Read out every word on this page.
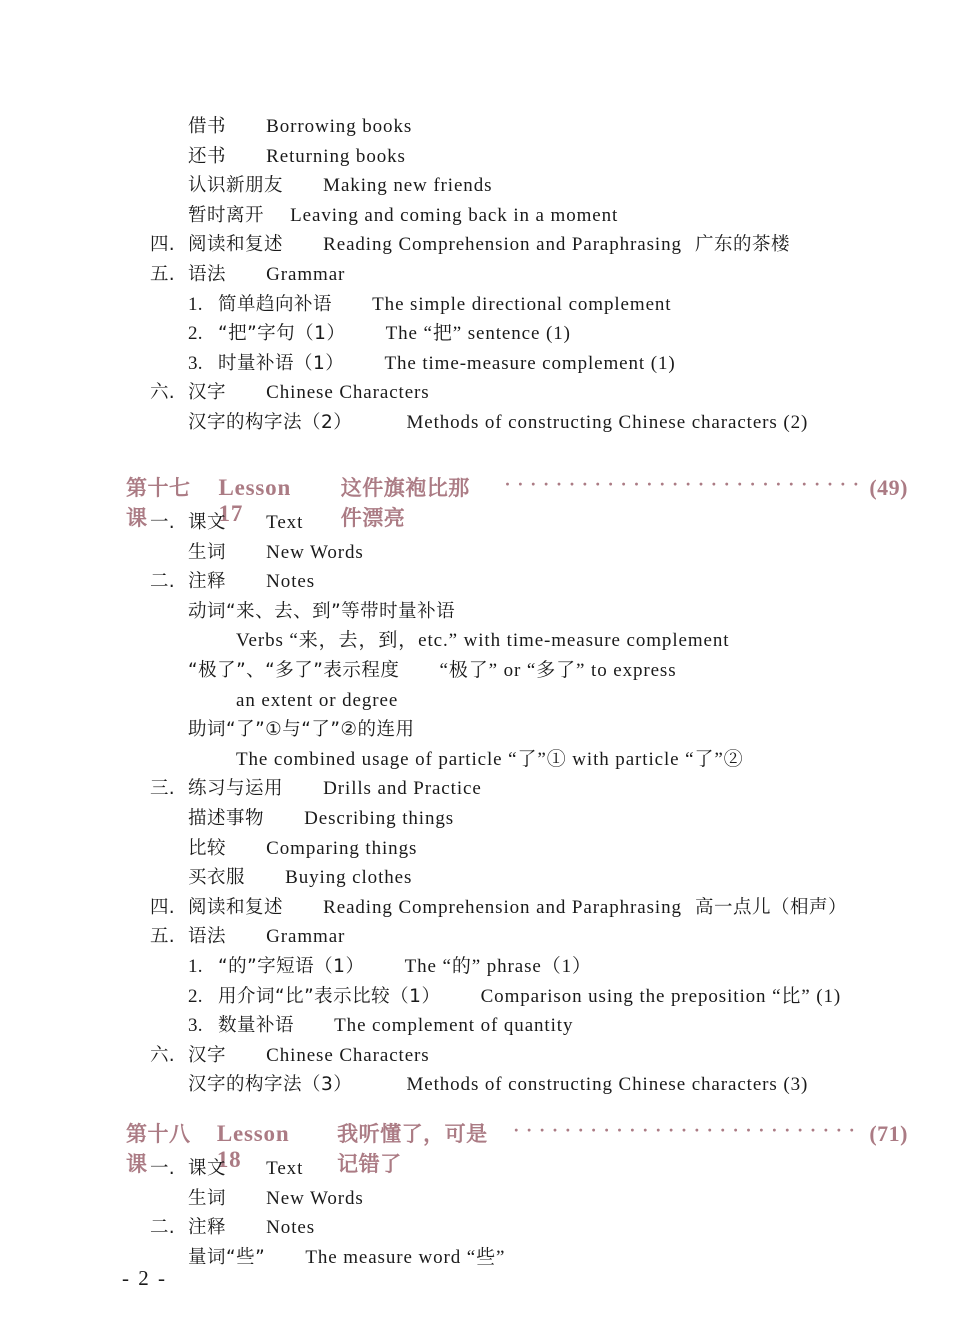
借书 Borrowing books
还书 Returning books
认识新朋友 Making new friends
暂时离开 Leaving and coming back in a moment
四. 阅读和复述 Reading Comprehension and Paraphrasing 广东的茶楼
五. 语法 Grammar
1. 简单趋向补语 The simple directional complement
2. “把”字句（1） The “把” sentence (1)
3. 时量补语（1） The time-measure complement (1)
六. 汉字 Chinese Characters
汉字的构字法（2）	Methods of constructing Chinese characters (2)
第十七课
Lesson 17
这件旗袍比那件漂亮
· · ·
(49)
一. 课文 Text
生词 New Words
二. 注释 Notes
动词“来、去、到”等带时量补语
Verbs “来，去，到，etc.” with time-measure complement
“极了”、“多了”表示程度 “极了” or “多了” to express
an extent or degree
助词“了”①与“了”②的连用
The combined usage of particle “了”① with particle “了”②
三. 练习与运用 Drills and Practice
描述事物 Describing things
比较 Comparing things
买衣服 Buying clothes
四. 阅读和复述 Reading Comprehension and Paraphrasing 高一点儿（相声）
五. 语法 Grammar
1. “的”字短语（1） The “的” phrase（1）
2. 用介词“比”表示比较（1） Comparison using the preposition “比” (1)
3. 数量补语 The complement of quantity
六. 汉字 Chinese Characters
汉字的构字法（3）	Methods of constructing Chinese characters (3)
第十八课
Lesson 18
我听懂了，可是记错了
· · ·
(71)
一. 课文 Text
生词 New Words
二. 注释 Notes
量词“些” The measure word “些”
- 2 -
